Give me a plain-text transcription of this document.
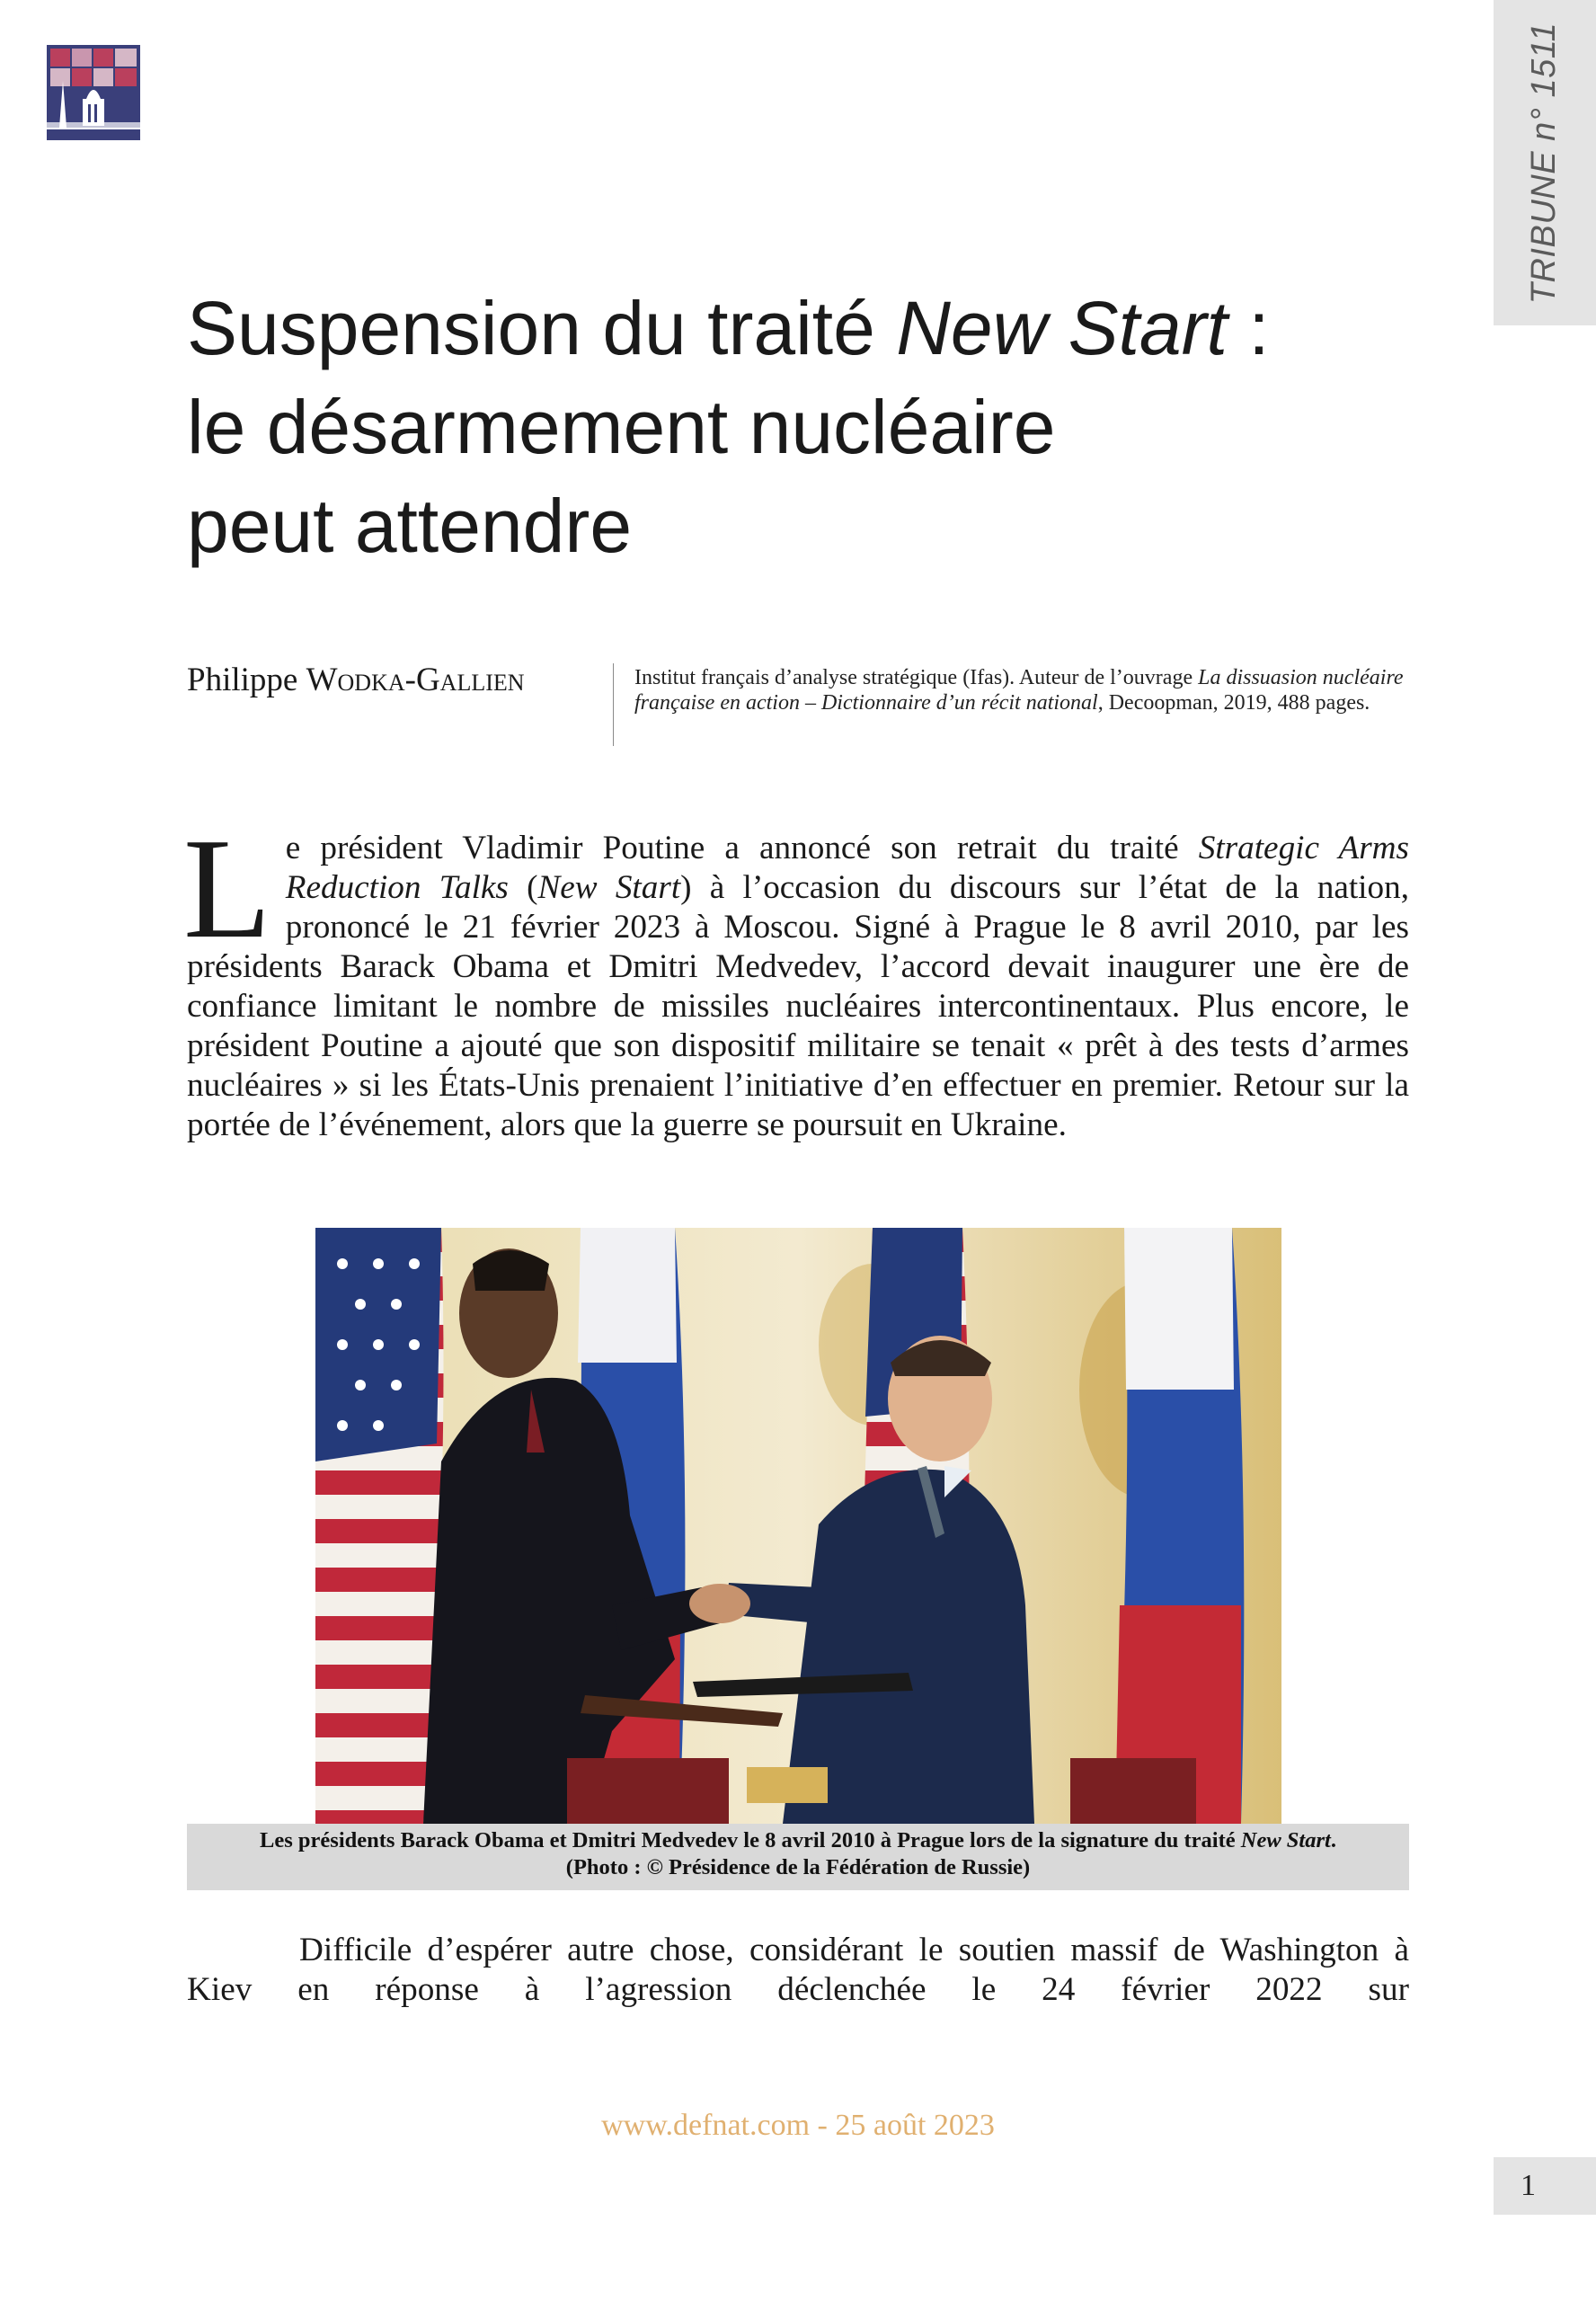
TRIBUNE n° 1511
Suspension du traité New Start :
le désarmement nucléaire
peut attendre
Philippe Wodka-Gallien	Institut français d’analyse stratégique (Ifas). Auteur de l’ouvrage La dissuasion nucléaire française en action – Dictionnaire d’un récit national, Decoopman, 2019, 488 pages.

Le président Vladimir Poutine a annoncé son retrait du traité Strategic Arms Reduction Talks (New Start) à l’occasion du discours sur l’état de la nation, prononcé le 21 février 2023 à Moscou. Signé à Prague le 8 avril 2010, par les présidents Barack Obama et Dmitri Medvedev, l’accord devait inaugurer une ère de confiance limitant le nombre de missiles nucléaires intercontinentaux. Plus encore, le président Poutine a ajouté que son dispositif militaire se tenait « prêt à des tests d’armes nucléaires » si les États-Unis prenaient l’initiative d’en effectuer en premier. Retour sur la portée de l’événement, alors que la guerre se poursuit en Ukraine.

Les présidents Barack Obama et Dmitri Medvedev le 8 avril 2010 à Prague lors de la signature du traité New Start.
(Photo : © Présidence de la Fédération de Russie)

Difficile d’espérer autre chose, considérant le soutien massif de Washington à Kiev en réponse à l’agression déclenchée le 24 février 2022 sur

www.defnat.com - 25 août 2023
1
